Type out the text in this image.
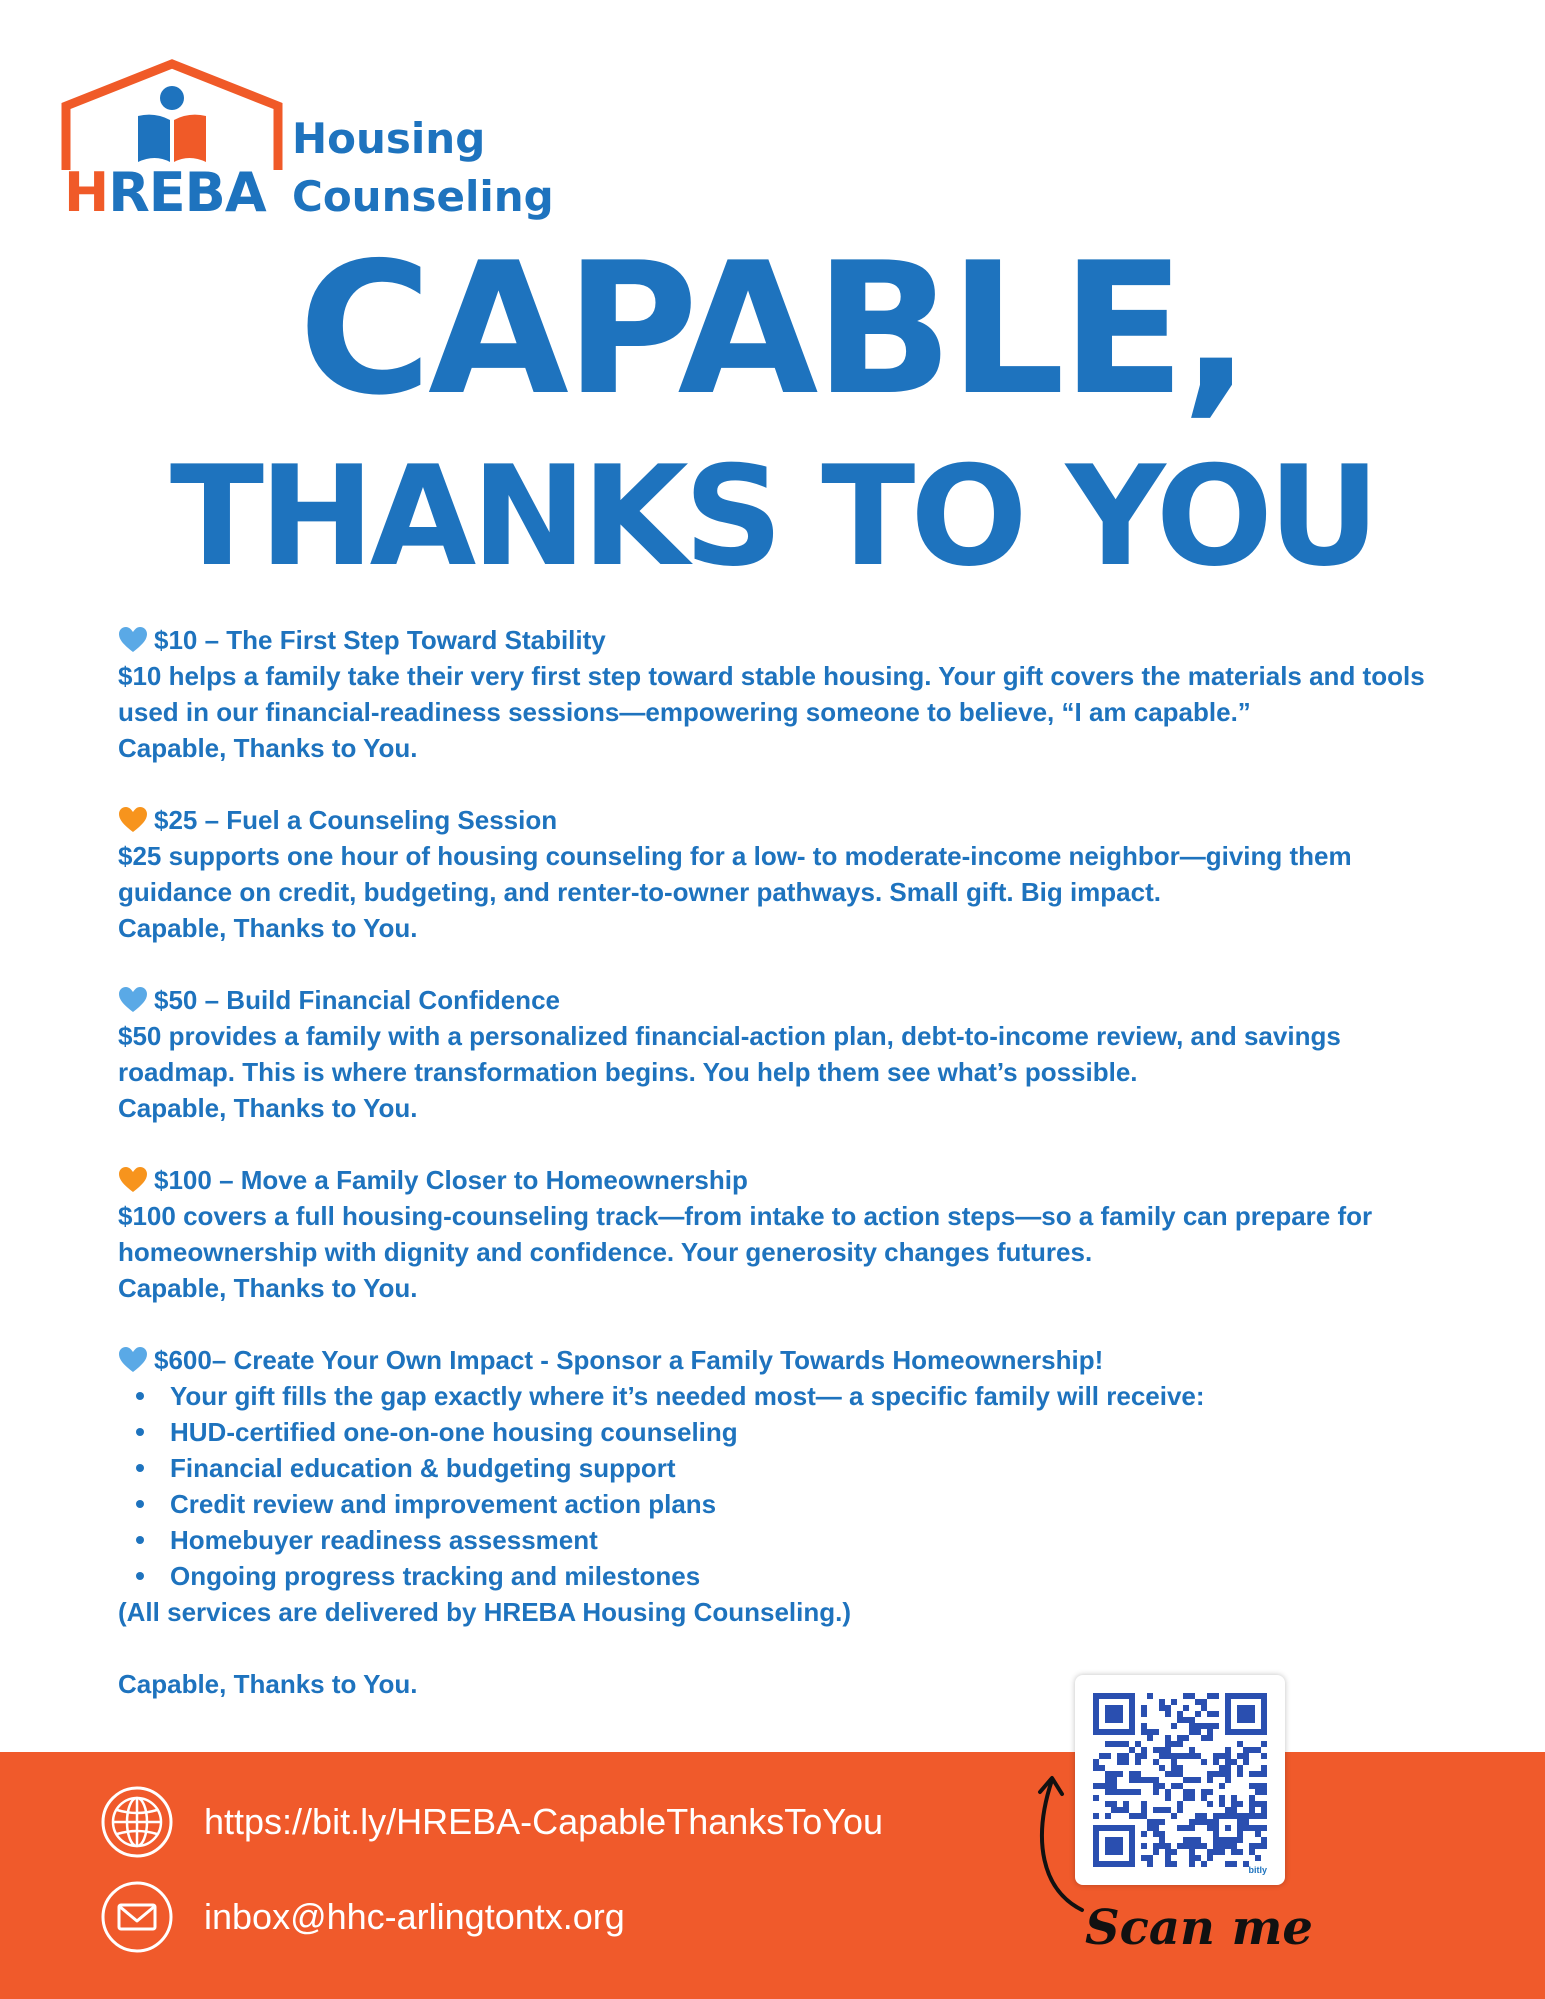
HREBA
Housing
Counseling
CAPABLE,
THANKS TO YOU
$10 – The First Step Toward Stability
$10 helps a family take their very first step toward stable housing. Your gift covers the materials and tools used in our financial-readiness sessions—empowering someone to believe, “I am capable.”
Capable, Thanks to You.
$25 – Fuel a Counseling Session
$25 supports one hour of housing counseling for a low- to moderate-income neighbor—giving them guidance on credit, budgeting, and renter-to-owner pathways. Small gift. Big impact.
Capable, Thanks to You.
$50 – Build Financial Confidence
$50 provides a family with a personalized financial-action plan, debt-to-income review, and savings roadmap. This is where transformation begins. You help them see what’s possible.
Capable, Thanks to You.
$100 – Move a Family Closer to Homeownership
$100 covers a full housing-counseling track—from intake to action steps—so a family can prepare for homeownership with dignity and confidence. Your generosity changes futures.
Capable, Thanks to You.
$600– Create Your Own Impact - Sponsor a Family Towards Homeownership!
Your gift fills the gap exactly where it’s needed most— a specific family will receive:
HUD-certified one-on-one housing counseling
Financial education & budgeting support
Credit review and improvement action plans
Homebuyer readiness assessment
Ongoing progress tracking and milestones
(All services are delivered by HREBA Housing Counseling.)
Capable, Thanks to You.
https://bit.ly/HREBA-CapableThanksToYou
inbox@hhc-arlingtontx.org
bitly
Scan me
